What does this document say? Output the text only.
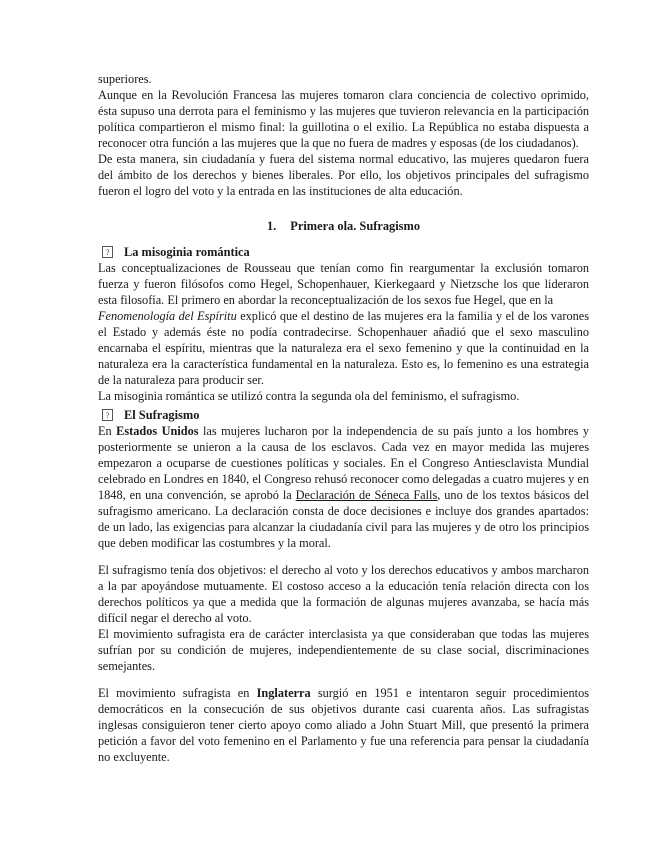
superiores.

Aunque en la Revolución Francesa las mujeres tomaron clara conciencia de colectivo oprimido, ésta supuso una derrota para el feminismo y las mujeres que tuvieron relevancia en la participación política compartieron el mismo final: la guillotina o el exilio. La República no estaba dispuesta a reconocer otra función a las mujeres que la que no fuera de madres y esposas (de los ciudadanos).

De esta manera, sin ciudadanía y fuera del sistema normal educativo, las mujeres quedaron fuera del ámbito de los derechos y bienes liberales. Por ello, los objetivos principales del sufragismo fueron el logro del voto y la entrada en las instituciones de alta educación.

1. Primera ola. Sufragismo
? La misoginia romántica

Las conceptualizaciones de Rousseau que tenían como fin reargumentar la exclusión tomaron fuerza y fueron filósofos como Hegel, Schopenhauer, Kierkegaard y Nietzsche los que lideraron esta filosofía. El primero en abordar la reconceptualización de los sexos fue Hegel, que en la

Fenomenología del Espíritu explicó que el destino de las mujeres era la familia y el de los varones el Estado y además éste no podía contradecirse. Schopenhauer añadió que el sexo masculino encarnaba el espíritu, mientras que la naturaleza era el sexo femenino y que la continuidad en la naturaleza era la característica fundamental en la naturaleza. Esto es, lo femenino es una estrategia de la naturaleza para producir ser.

La misoginia romántica se utilizó contra la segunda ola del feminismo, el sufragismo.

? El Sufragismo

En Estados Unidos las mujeres lucharon por la independencia de su país junto a los hombres y posteriormente se unieron a la causa de los esclavos. Cada vez en mayor medida las mujeres empezaron a ocuparse de cuestiones políticas y sociales. En el Congreso Antiesclavista Mundial celebrado en Londres en 1840, el Congreso rehusó reconocer como delegadas a cuatro mujeres y en 1848, en una convención, se aprobó la Declaración de Séneca Falls, uno de los textos básicos del sufragismo americano. La declaración consta de doce decisiones e incluye dos grandes apartados: de un lado, las exigencias para alcanzar la ciudadanía civil para las mujeres y de otro los principios que deben modificar las costumbres y la moral.

El sufragismo tenía dos objetivos: el derecho al voto y los derechos educativos y ambos marcharon a la par apoyándose mutuamente. El costoso acceso a la educación tenía relación directa con los derechos políticos ya que a medida que la formación de algunas mujeres avanzaba, se hacía más difícil negar el derecho al voto.

El movimiento sufragista era de carácter interclasista ya que consideraban que todas las mujeres sufrían por su condición de mujeres, independientemente de su clase social, discriminaciones semejantes.

El movimiento sufragista en Inglaterra surgió en 1951 e intentaron seguir procedimientos democráticos en la consecución de sus objetivos durante casi cuarenta años. Las sufragistas inglesas consiguieron tener cierto apoyo como aliado a John Stuart Mill, que presentó la primera petición a favor del voto femenino en el Parlamento y fue una referencia para pensar la ciudadanía no excluyente.
